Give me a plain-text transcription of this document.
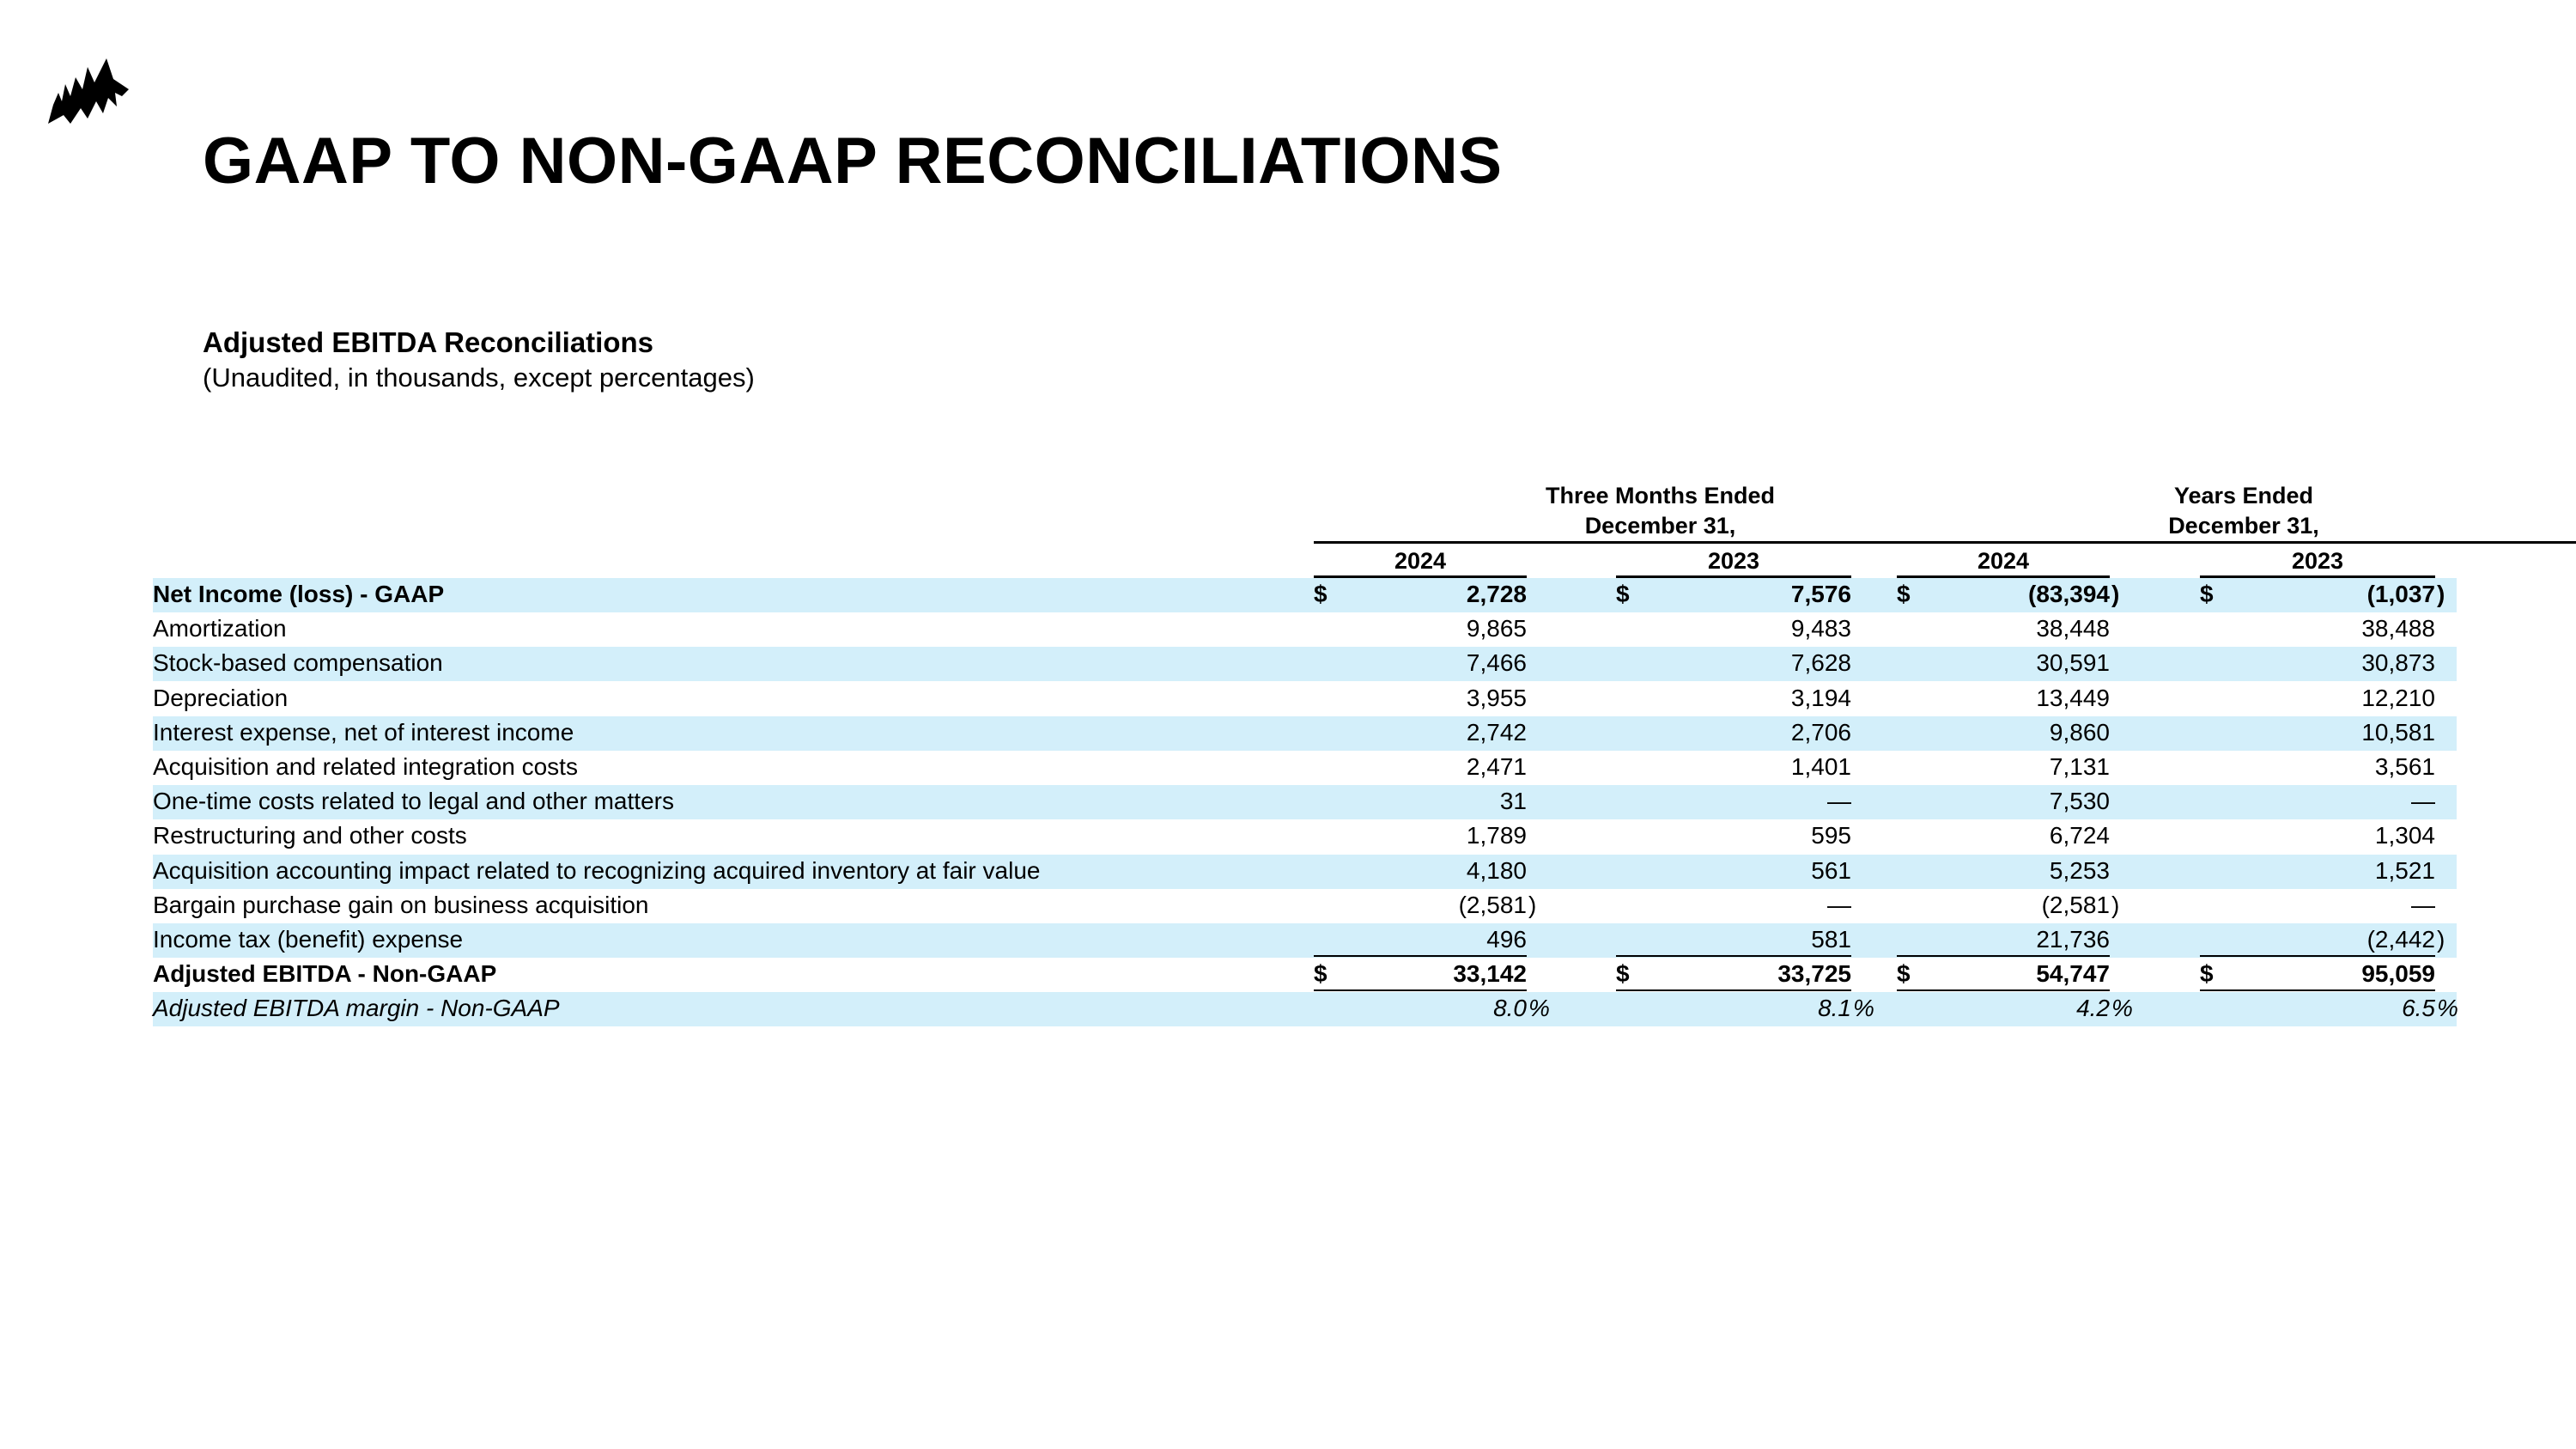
GAAP TO NON-GAAP RECONCILIATIONS
Adjusted EBITDA Reconciliations
(Unaudited, in thousands, except percentages)
Three Months Ended
December 31,
Years Ended
December 31,
2024	2023	2024	2023
Net Income (loss) - GAAP	$	2,728	$	7,576 $	(83,394 )	$	(1,037 )
Amortization	9,865	9,483	38,448	38,488
Stock-based compensation	7,466	7,628	30,591	30,873
Depreciation	3,955	3,194	13,449	12,210
Interest expense, net of interest income	2,742	2,706	9,860	10,581
Acquisition and related integration costs	2,471	1,401	7,131	3,561
One-time costs related to legal and other matters	31	—	7,530	—
Restructuring and other costs	1,789	595	6,724	1,304
Acquisition accounting impact related to recognizing acquired inventory at fair value	4,180	561	5,253	1,521
Bargain purchase gain on business acquisition	(2,581 )	—	(2,581 )	—
Income tax (benefit) expense	496	581	21,736	(2,442 )
Adjusted EBITDA - Non-GAAP	$	33,142	$	33,725 $	54,747	$	95,059
Adjusted EBITDA margin - Non-GAAP	8.0 %	8.1 %	4.2 %	6.5 %
